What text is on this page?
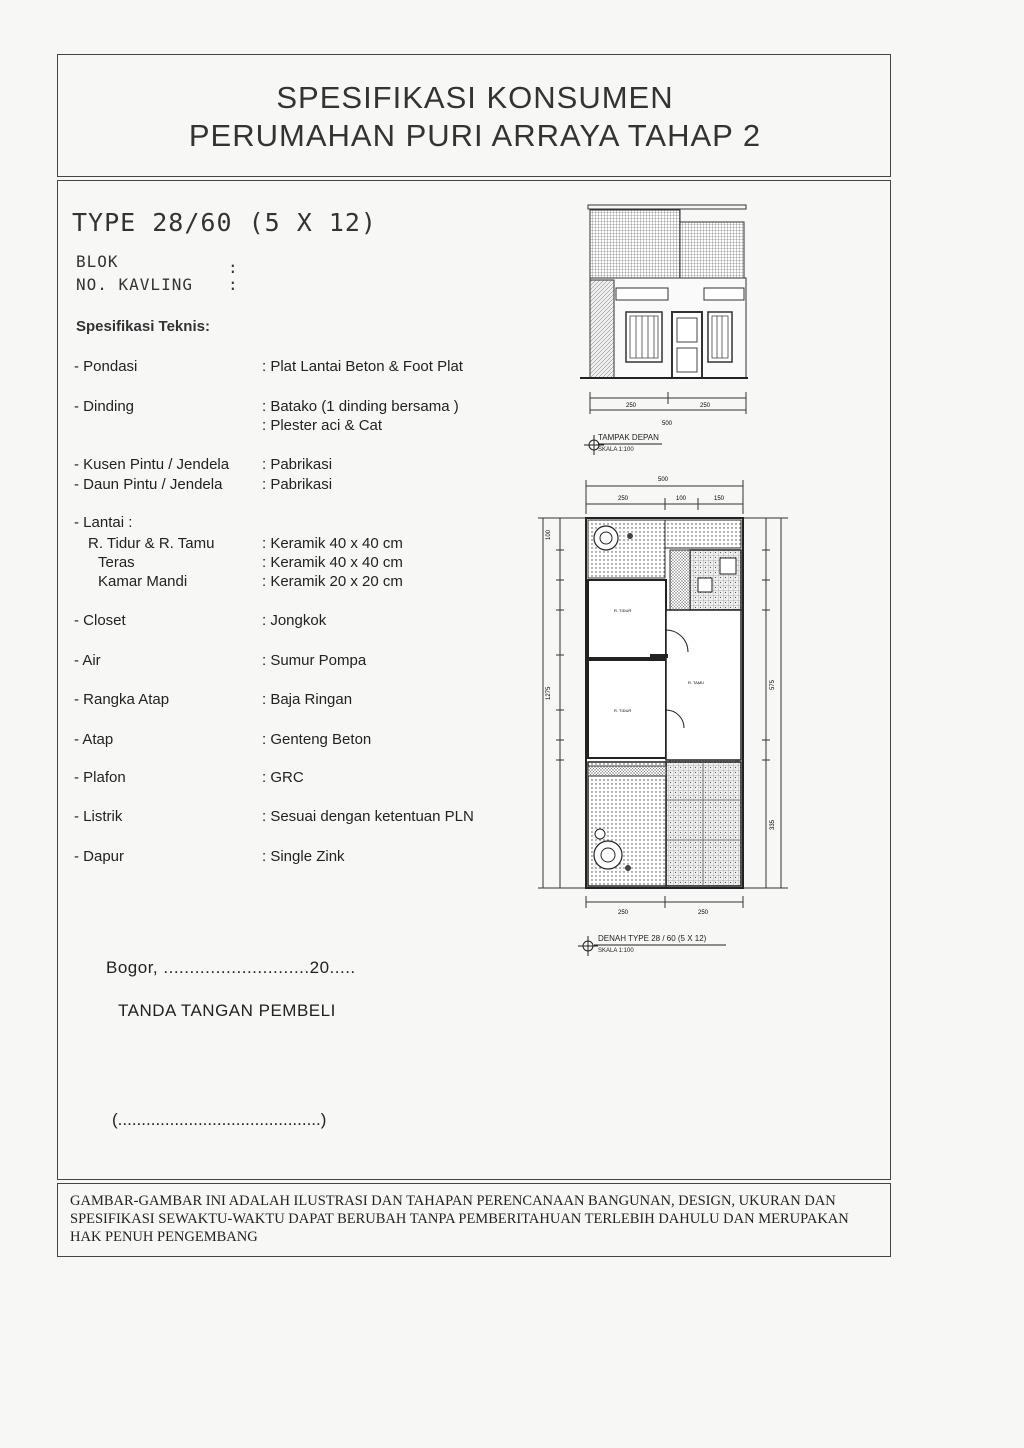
SPESIFIKASI KONSUMEN
PERUMAHAN PURI ARRAYA TAHAP 2
TYPE 28/60 (5 X 12)
BLOK	:
NO. KAVLING :
Spesifikasi Teknis:
- Pondasi	: Plat Lantai Beton & Foot Plat
- Dinding	: Batako (1 dinding bersama )
: Plester aci & Cat
- Kusen Pintu / Jendela : Pabrikasi
- Daun Pintu / Jendela	: Pabrikasi
- Lantai :
R. Tidur & R. Tamu	: Keramik 40 x 40 cm
Teras	: Keramik 40 x 40 cm
Kamar Mandi	: Keramik 20 x 20 cm
- Closet	: Jongkok
- Air	: Sumur Pompa
- Rangka Atap	: Baja Ringan
- Atap	: Genteng Beton
- Plafon	: GRC
- Listrik	: Sesuai dengan ketentuan PLN
- Dapur	: Single Zink
Bogor, ............................20.....
TANDA TANGAN PEMBELI
(...........................................)
250	250
500
TAMPAK DEPAN
SKALA 1:100
500
250	100	150
100
1275
575
335
R. TIDUR
R. TIDUR
R. TAMU
250	250
DENAH TYPE 28 / 60 (5 X 12)
SKALA 1:100
GAMBAR-GAMBAR INI ADALAH ILUSTRASI DAN TAHAPAN PERENCANAAN BANGUNAN, DESIGN, UKURAN DAN SPESIFIKASI SEWAKTU-WAKTU DAPAT BERUBAH TANPA PEMBERITAHUAN TERLEBIH DAHULU DAN MERUPAKAN HAK PENUH PENGEMBANG
